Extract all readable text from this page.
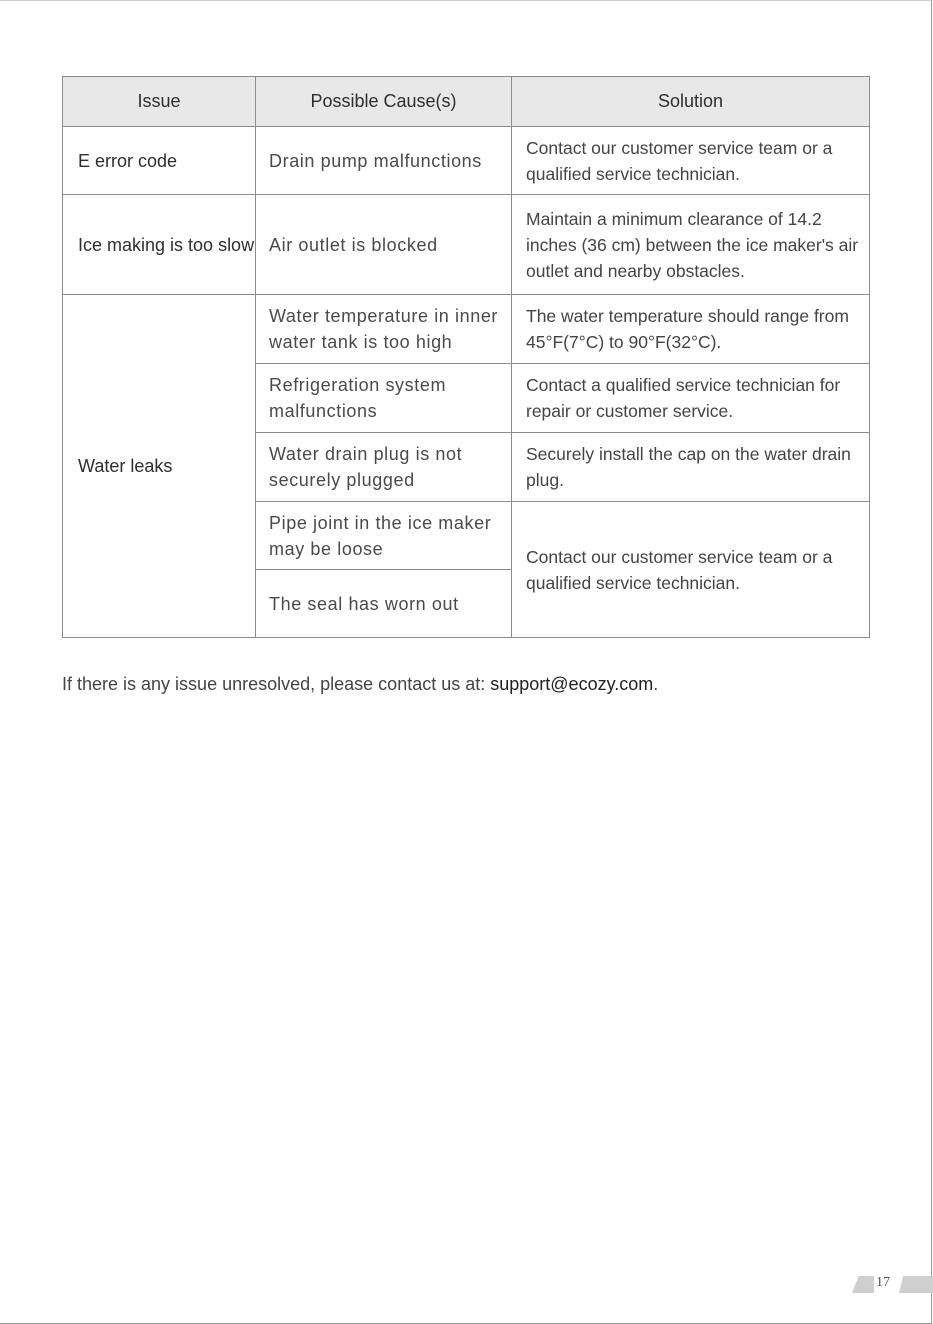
Issue	Possible Cause(s)	Solution
E error code	Drain pump malfunctions	Contact our customer service team or a qualified service technician.
Ice making is too slow	Air outlet is blocked	Maintain a minimum clearance of 14.2 inches (36 cm) between the ice maker's air outlet and nearby obstacles.
Water leaks	Water temperature in inner water tank is too high	The water temperature should range from 45°F(7°C) to 90°F(32°C).
	Refrigeration system malfunctions	Contact a qualified service technician for repair or customer service.
	Water drain plug is not securely plugged	Securely install the cap on the water drain plug.
	Pipe joint in the ice maker may be loose	Contact our customer service team or a qualified service technician.
	The seal has worn out	
If there is any issue unresolved, please contact us at: support@ecozy.com.
17
